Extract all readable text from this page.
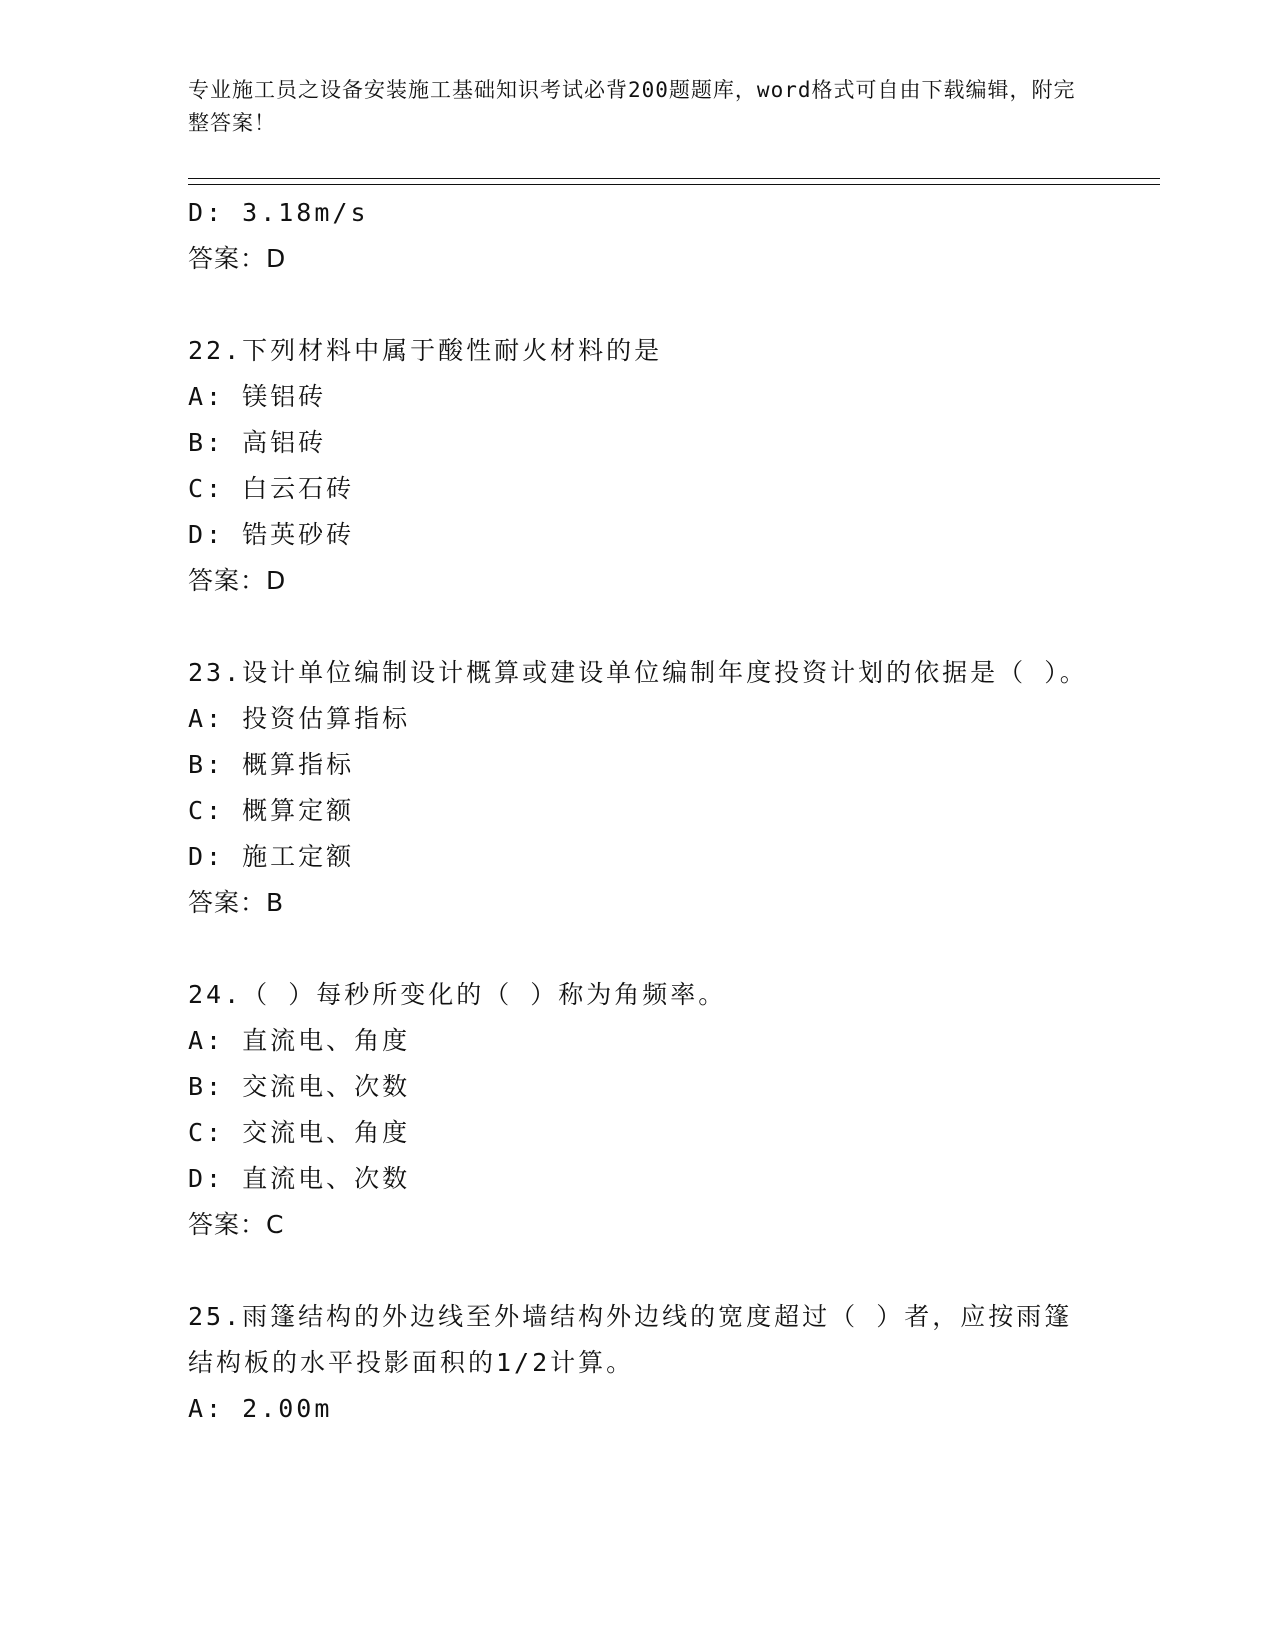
专业施工员之设备安装施工基础知识考试必背200题题库，word格式可自由下载编辑，附完整答案！
D: 3.18m/s
答案：D
22.下列材料中属于酸性耐火材料的是
A: 镁铝砖
B: 高铝砖
C: 白云石砖
D: 锆英砂砖
答案：D
23.设计单位编制设计概算或建设单位编制年度投资计划的依据是（ ）。
A: 投资估算指标
B: 概算指标
C: 概算定额
D: 施工定额
答案：B
24.（ ）每秒所变化的（ ）称为角频率。
A: 直流电、角度
B: 交流电、次数
C: 交流电、角度
D: 直流电、次数
答案：C
25.雨篷结构的外边线至外墙结构外边线的宽度超过（ ）者，应按雨篷结构板的水平投影面积的1/2计算。
A: 2.00m
